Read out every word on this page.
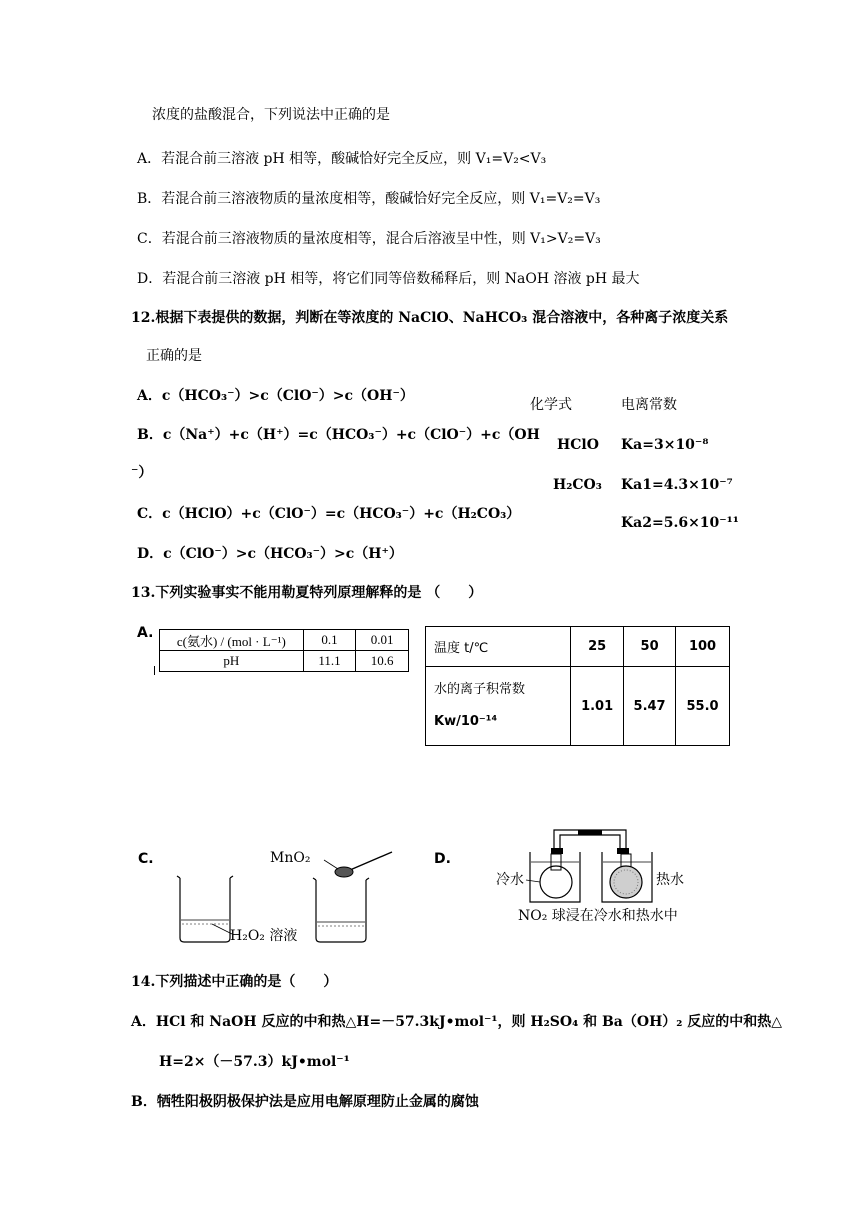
浓度的盐酸混合，下列说法中正确的是
A．若混合前三溶液 pH 相等，酸碱恰好完全反应，则 V₁=V₂<V₃
B．若混合前三溶液物质的量浓度相等，酸碱恰好完全反应，则 V₁=V₂=V₃
C．若混合前三溶液物质的量浓度相等，混合后溶液呈中性，则 V₁>V₂=V₃
D．若混合前三溶液 pH 相等，将它们同等倍数稀释后，则 NaOH 溶液 pH 最大
12.根据下表提供的数据，判断在等浓度的 NaClO、NaHCO₃ 混合溶液中，各种离子浓度关系
正确的是
A．c（HCO₃⁻）>c（ClO⁻）>c（OH⁻）
B．c（Na⁺）+c（H⁺）=c（HCO₃⁻）+c（ClO⁻）+c（OH
⁻）
C．c（HClO）+c（ClO⁻）=c（HCO₃⁻）+c（H₂CO₃）
D．c（ClO⁻）>c（HCO₃⁻）>c（H⁺）
化学式	电离常数
HClO Ka=3×10⁻⁸
H₂CO₃ Ka1=4.3×10⁻⁷
Ka2=5.6×10⁻¹¹
13.下列实验事实不能用勒夏特列原理解释的是 （　　）
A. c(氨水) / (mol · L⁻¹)	0.1	0.01
pH	11.1	10.6
温度 t/℃	25	50	100

水的离子积常数
Kw/10⁻¹⁴	1.01	5.47	55.0
C.	MnO₂
H₂O₂ 溶液
D.
冷水	热水
NO₂ 球浸在冷水和热水中
14.下列描述中正确的是（　　）
A．HCl 和 NaOH 反应的中和热△H=－57.3kJ•mol⁻¹，则 H₂SO₄ 和 Ba（OH）₂ 反应的中和热△
H=2×（－57.3）kJ•mol⁻¹
B．牺牲阳极阴极保护法是应用电解原理防止金属的腐蚀
